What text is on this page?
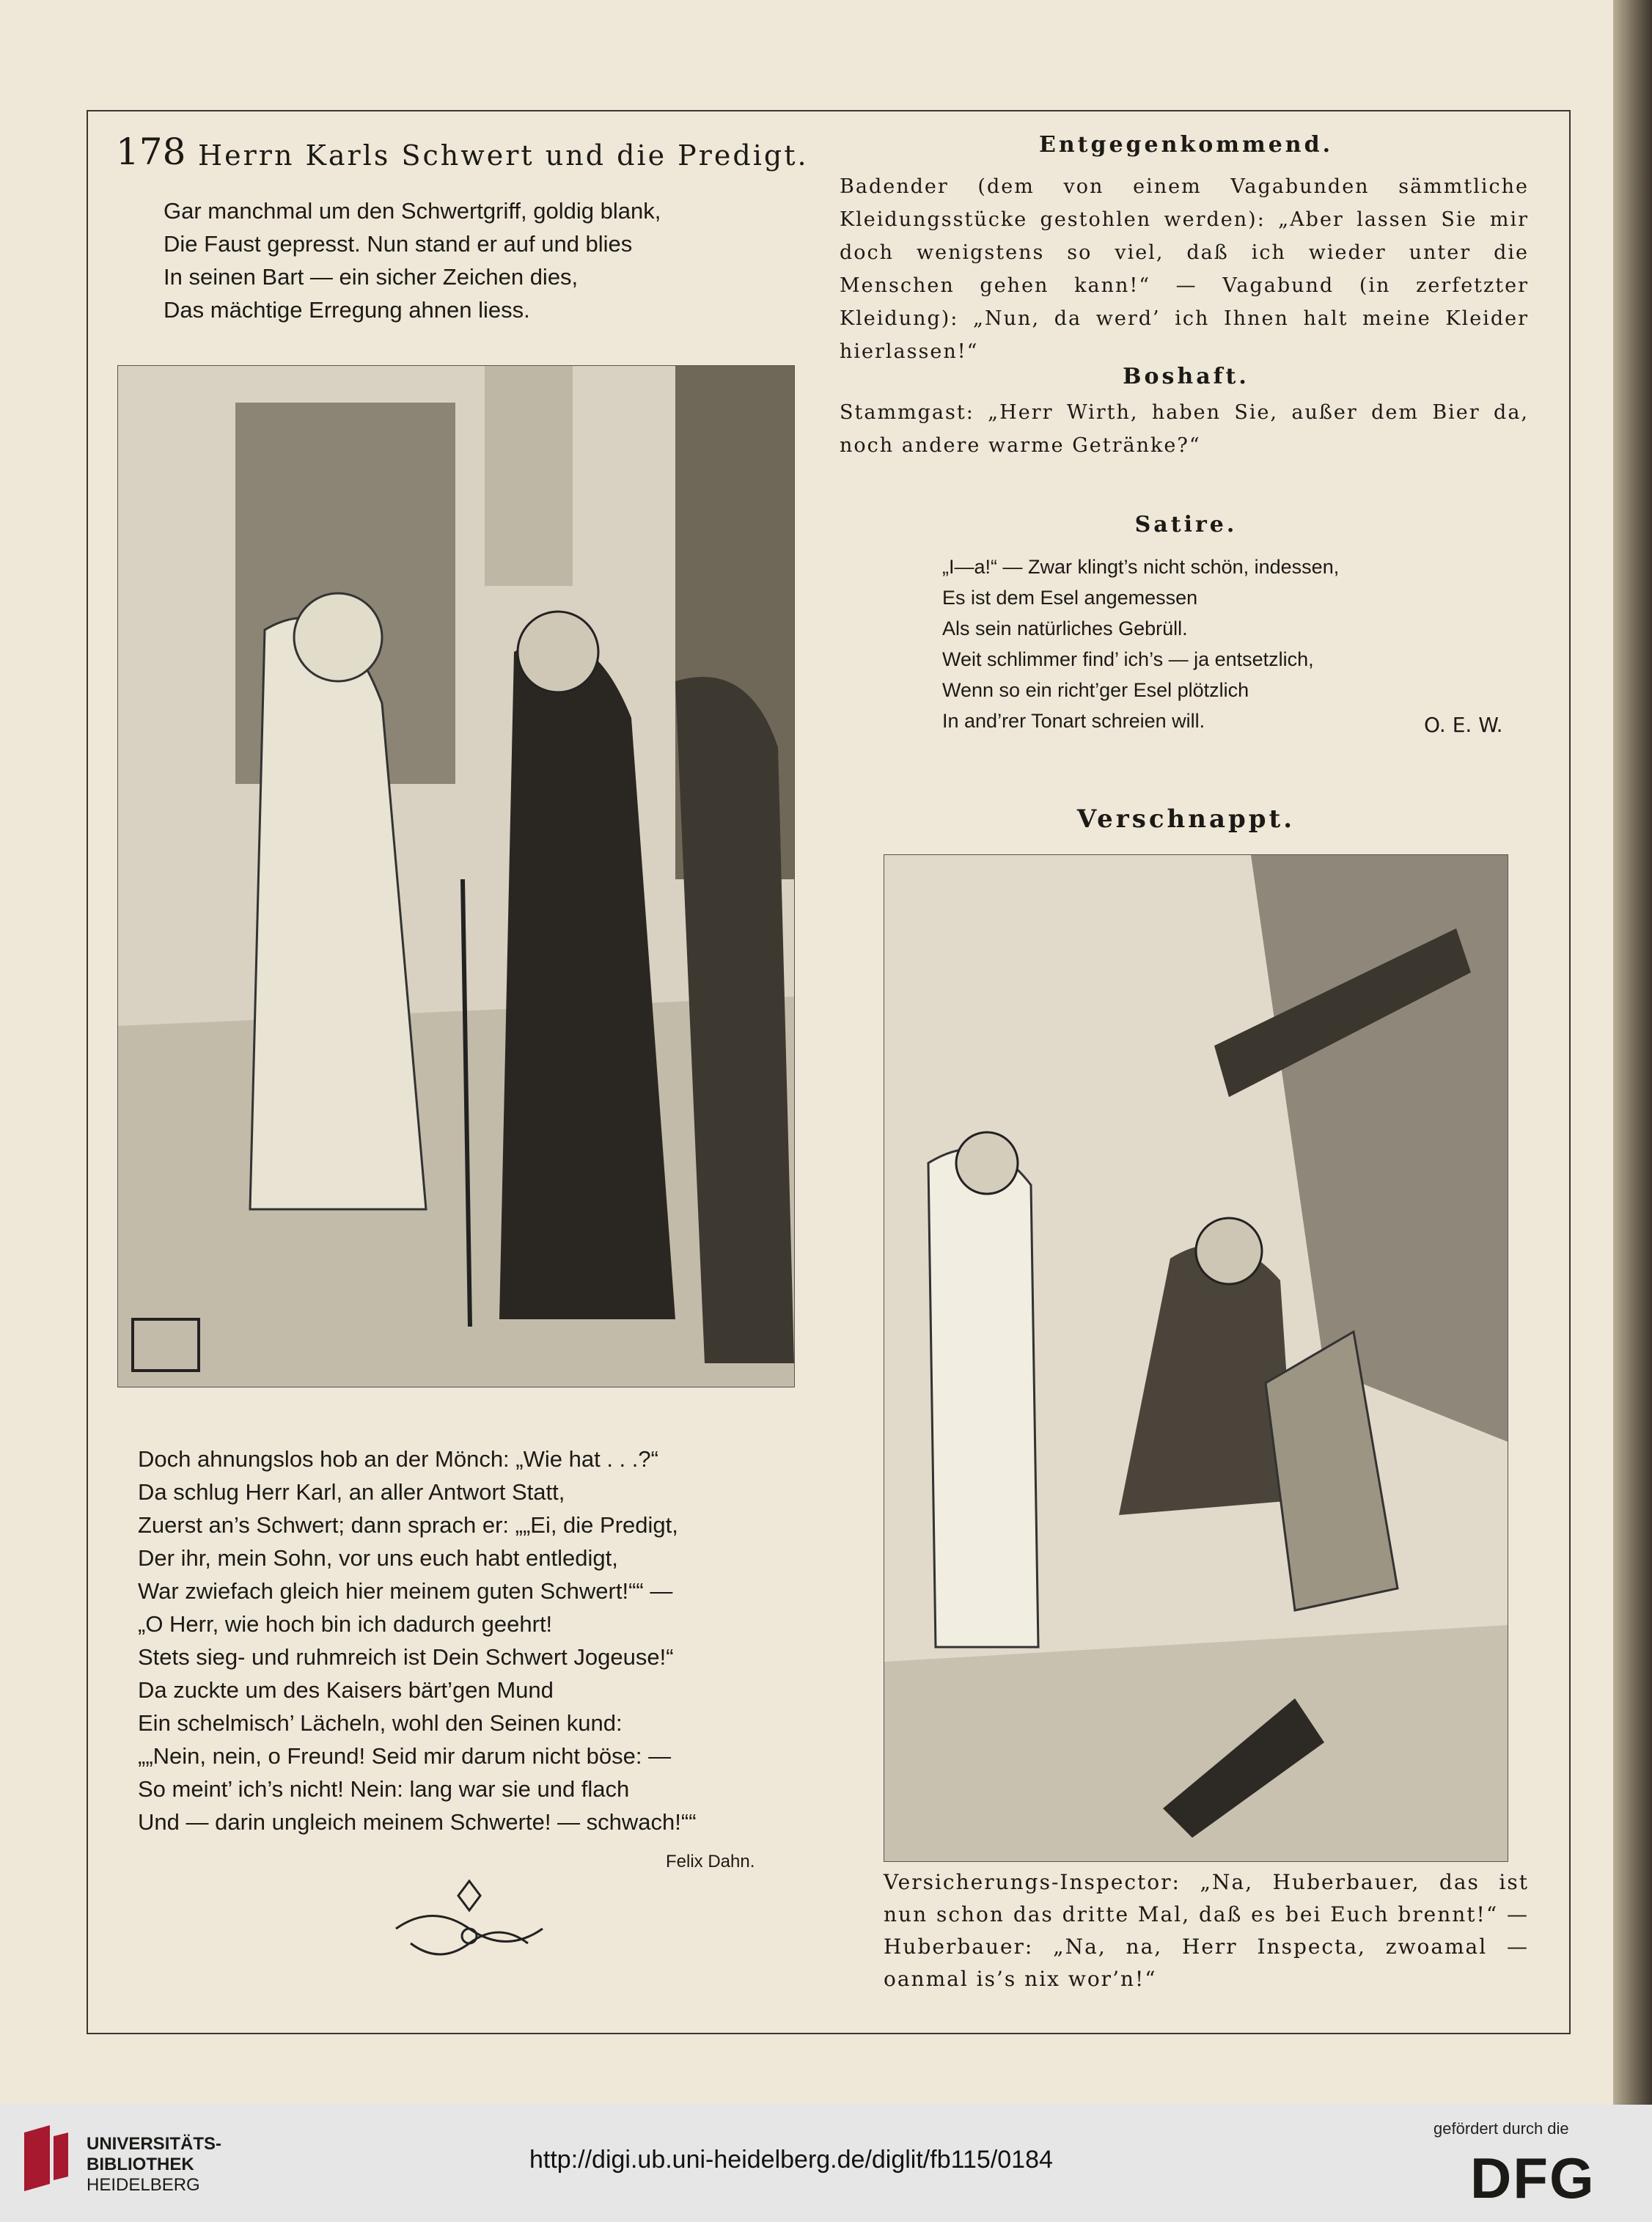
178 Herrn Karls Schwert und die Predigt.
Gar manchmal um den Schwertgriff, goldig blank,
Die Faust gepresst. Nun stand er auf und blies
In seinen Bart — ein sicher Zeichen dies,
Das mächtige Erregung ahnen liess.
Doch ahnungslos hob an der Mönch: „Wie hat . . .?“
Da schlug Herr Karl, an aller Antwort Statt,
Zuerst an’s Schwert; dann sprach er: „„Ei, die Predigt,
Der ihr, mein Sohn, vor uns euch habt entledigt,
War zwiefach gleich hier meinem guten Schwert!““ —
„O Herr, wie hoch bin ich dadurch geehrt!
Stets sieg- und ruhmreich ist Dein Schwert Jogeuse!“
Da zuckte um des Kaisers bärt’gen Mund
Ein schelmisch’ Lächeln, wohl den Seinen kund:
„„Nein, nein, o Freund! Seid mir darum nicht böse: —
So meint’ ich’s nicht! Nein: lang war sie und flach
Und — darin ungleich meinem Schwerte! — schwach!““
Felix Dahn.
Entgegenkommend.

Badender (dem von einem Vagabunden sämmtliche Kleidungsstücke gestohlen werden): „Aber lassen Sie mir doch wenigstens so viel, daß ich wieder unter die Menschen gehen kann!“ — Vagabund (in zerfetzter Kleidung): „Nun, da werd’ ich Ihnen halt meine Kleider hierlassen!“

Boshaft.

Stammgast: „Herr Wirth, haben Sie, außer dem Bier da, noch andere warme Getränke?“

Satire.
„I—a!“ — Zwar klingt’s nicht schön, indessen,
Es ist dem Esel angemessen
Als sein natürliches Gebrüll.
Weit schlimmer find’ ich’s — ja entsetzlich,
Wenn so ein richt’ger Esel plötzlich
In and’rer Tonart schreien will.	O. E. W.
Verschnappt.

Versicherungs-Inspector: „Na, Huberbauer, das ist nun schon das dritte Mal, daß es bei Euch brennt!“ — Huberbauer: „Na, na, Herr Inspecta, zwoamal — oanmal is’s nix wor’n!“

UNIVERSITÄTS-
BIBLIOTHEK
HEIDELBERG
http://digi.ub.uni-heidelberg.de/diglit/fb115/0184
gefördert durch die
DFG
